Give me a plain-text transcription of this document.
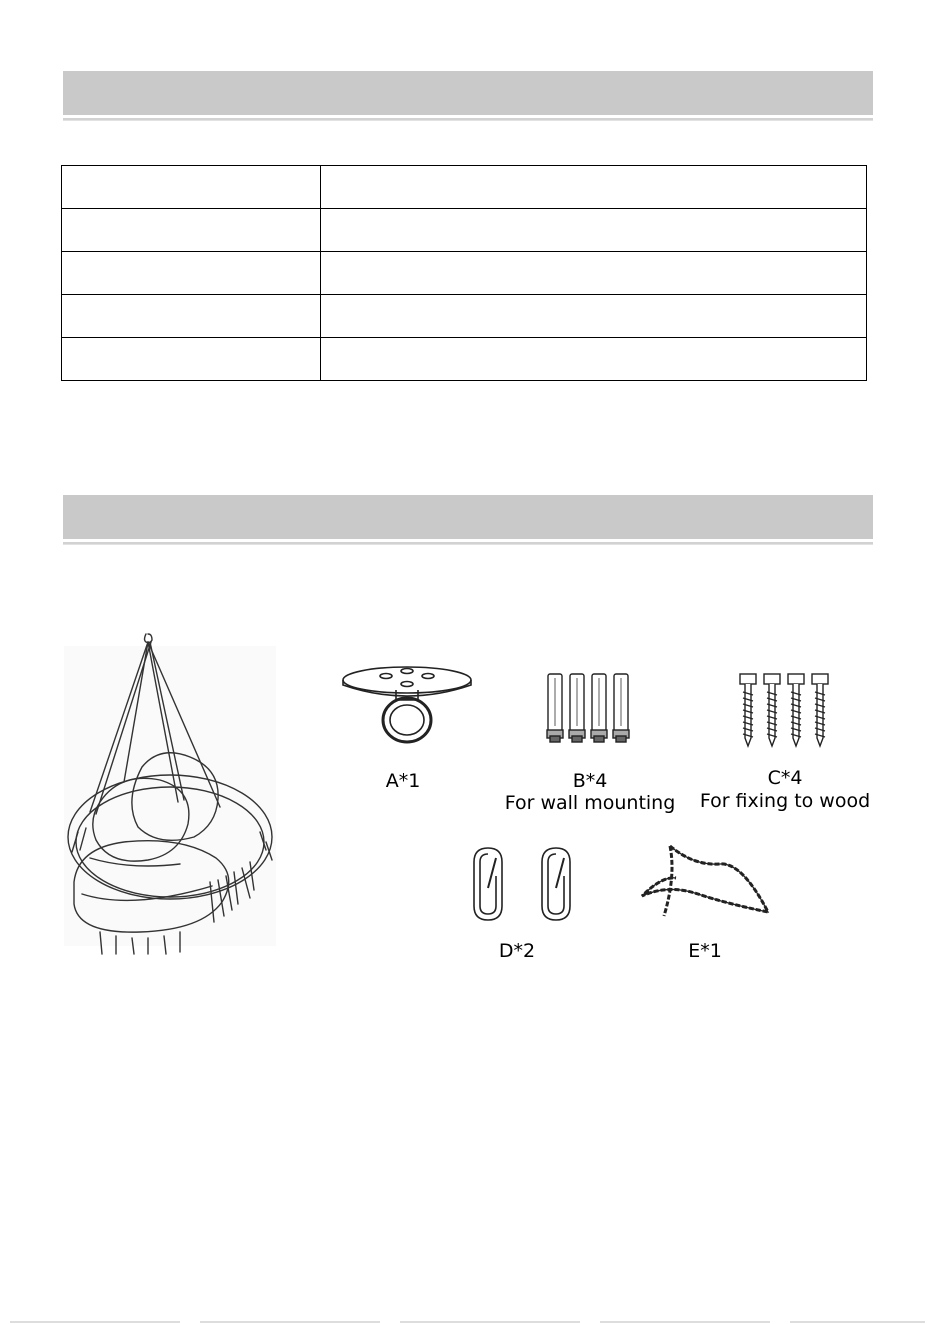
A*1	B*4
For wall mounting
C*4
For fixing to wood
D*2	E*1
